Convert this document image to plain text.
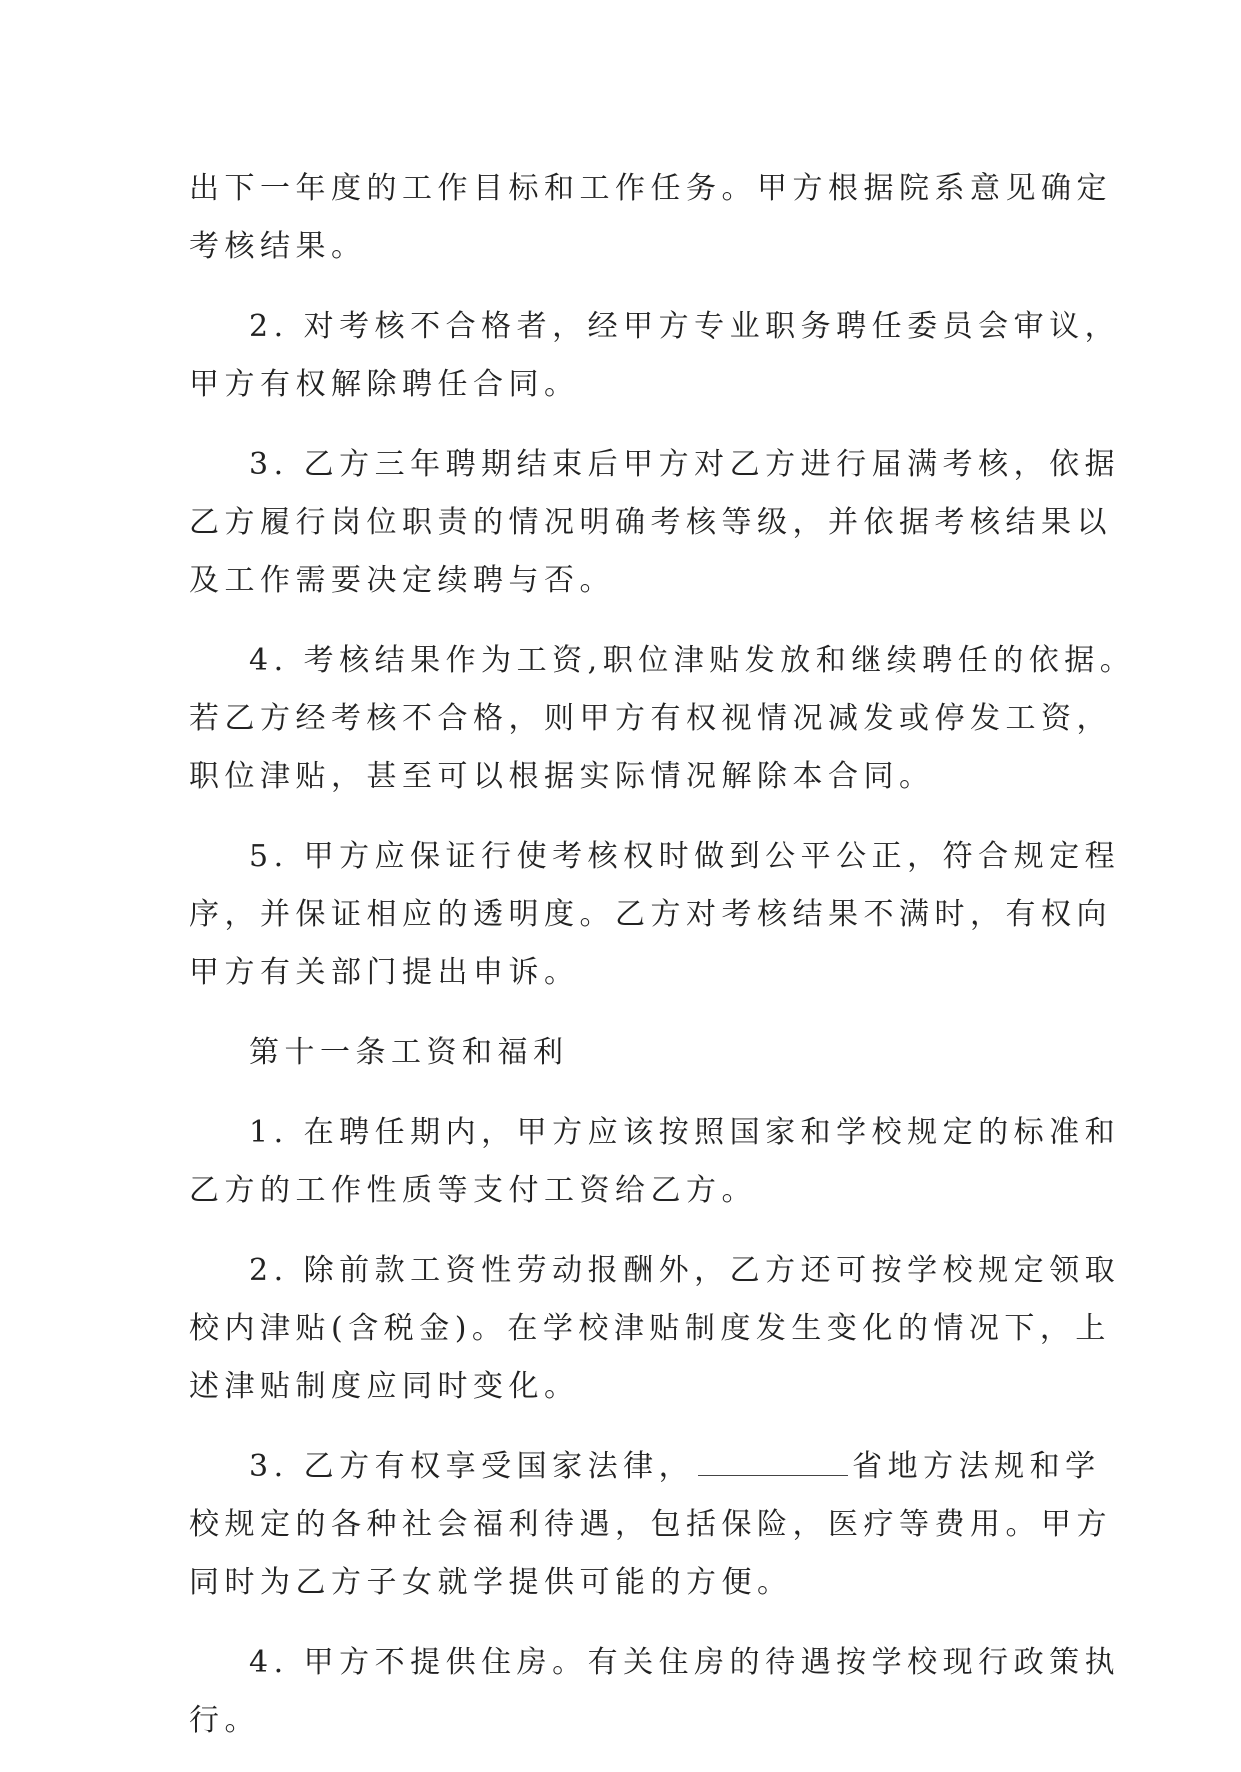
出下一年度的工作目标和工作任务。甲方根据院系意见确定
考核结果。

2. 对考核不合格者，经甲方专业职务聘任委员会审议，
甲方有权解除聘任合同。

3. 乙方三年聘期结束后甲方对乙方进行届满考核，依据
乙方履行岗位职责的情况明确考核等级，并依据考核结果以
及工作需要决定续聘与否。

4. 考核结果作为工资,职位津贴发放和继续聘任的依据。
若乙方经考核不合格，则甲方有权视情况减发或停发工资，
职位津贴，甚至可以根据实际情况解除本合同。

5. 甲方应保证行使考核权时做到公平公正，符合规定程
序，并保证相应的透明度。乙方对考核结果不满时，有权向
甲方有关部门提出申诉。

第十一条工资和福利

1. 在聘任期内，甲方应该按照国家和学校规定的标准和
乙方的工作性质等支付工资给乙方。

2. 除前款工资性劳动报酬外，乙方还可按学校规定领取
校内津贴(含税金)。在学校津贴制度发生变化的情况下，上
述津贴制度应同时变化。

3. 乙方有权享受国家法律，	省地方法规和学
校规定的各种社会福利待遇，包括保险，医疗等费用。甲方
同时为乙方子女就学提供可能的方便。

4. 甲方不提供住房。有关住房的待遇按学校现行政策执
行。
